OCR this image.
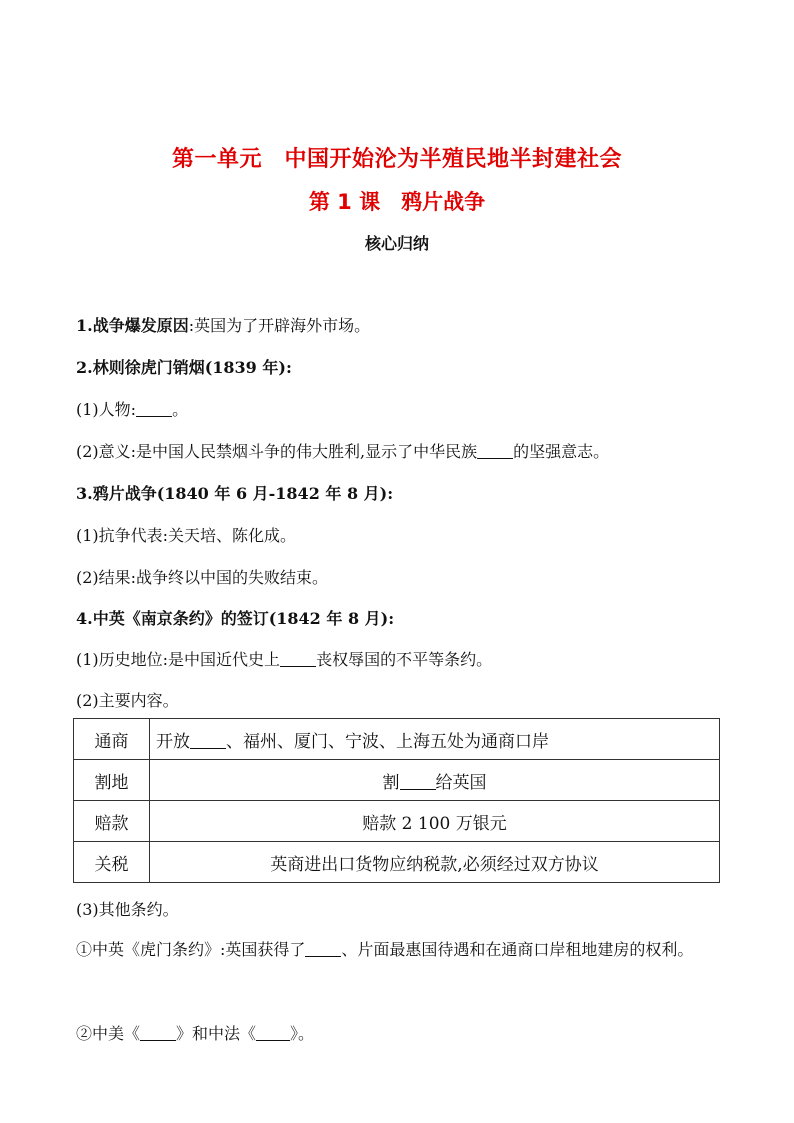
第一单元　中国开始沦为半殖民地半封建社会
第 1 课　鸦片战争
核心归纳
1.战争爆发原因:英国为了开辟海外市场。
2.林则徐虎门销烟(1839 年):
(1)人物: 。
(2)意义:是中国人民禁烟斗争的伟大胜利,显示了中华民族 的坚强意志。
3.鸦片战争(1840 年 6 月-1842 年 8 月):
(1)抗争代表:关天培、陈化成。
(2)结果:战争终以中国的失败结束。
4.中英《南京条约》的签订(1842 年 8 月):
(1)历史地位:是中国近代史上 丧权辱国的不平等条约。
(2)主要内容。
通商	开放 、福州、厦门、宁波、上海五处为通商口岸
割地	割 给英国
赔款	赔款 2 100 万银元
关税	英商进出口货物应纳税款,必须经过双方协议
(3)其他条约。
①中英《虎门条约》:英国获得了 、片面最惠国待遇和在通商口岸租地建房的权利。
②中美《 》和中法《 》。
